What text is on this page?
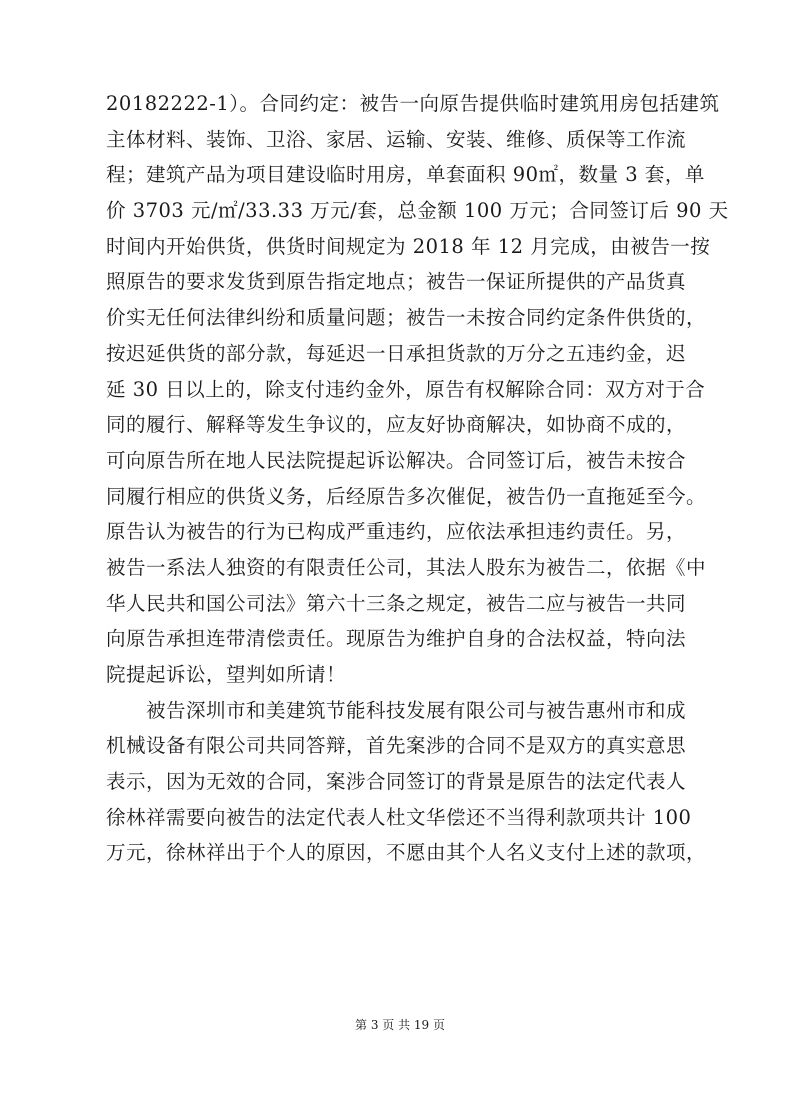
20182222-1）。合同约定：被告一向原告提供临时建筑用房包括建筑
主体材料、装饰、卫浴、家居、运输、安装、维修、质保等工作流
程；建筑产品为项目建设临时用房，单套面积 90㎡，数量 3 套，单
价 3703 元/㎡/33.33 万元/套，总金额 100 万元；合同签订后 90 天
时间内开始供货，供货时间规定为 2018 年 12 月完成，由被告一按
照原告的要求发货到原告指定地点；被告一保证所提供的产品货真
价实无任何法律纠纷和质量问题；被告一未按合同约定条件供货的，
按迟延供货的部分款，每延迟一日承担货款的万分之五违约金，迟
延 30 日以上的，除支付违约金外，原告有权解除合同：双方对于合
同的履行、解释等发生争议的，应友好协商解决，如协商不成的，
可向原告所在地人民法院提起诉讼解决。合同签订后，被告未按合
同履行相应的供货义务，后经原告多次催促，被告仍一直拖延至今。
原告认为被告的行为已构成严重违约，应依法承担违约责任。另，
被告一系法人独资的有限责任公司，其法人股东为被告二，依据《中
华人民共和国公司法》第六十三条之规定，被告二应与被告一共同
向原告承担连带清偿责任。现原告为维护自身的合法权益，特向法
院提起诉讼，望判如所请！
被告深圳市和美建筑节能科技发展有限公司与被告惠州市和成
机械设备有限公司共同答辩，首先案涉的合同不是双方的真实意思
表示，因为无效的合同，案涉合同签订的背景是原告的法定代表人
徐林祥需要向被告的法定代表人杜文华偿还不当得利款项共计 100
万元，徐林祥出于个人的原因，不愿由其个人名义支付上述的款项，
第 3 页 共 19 页
